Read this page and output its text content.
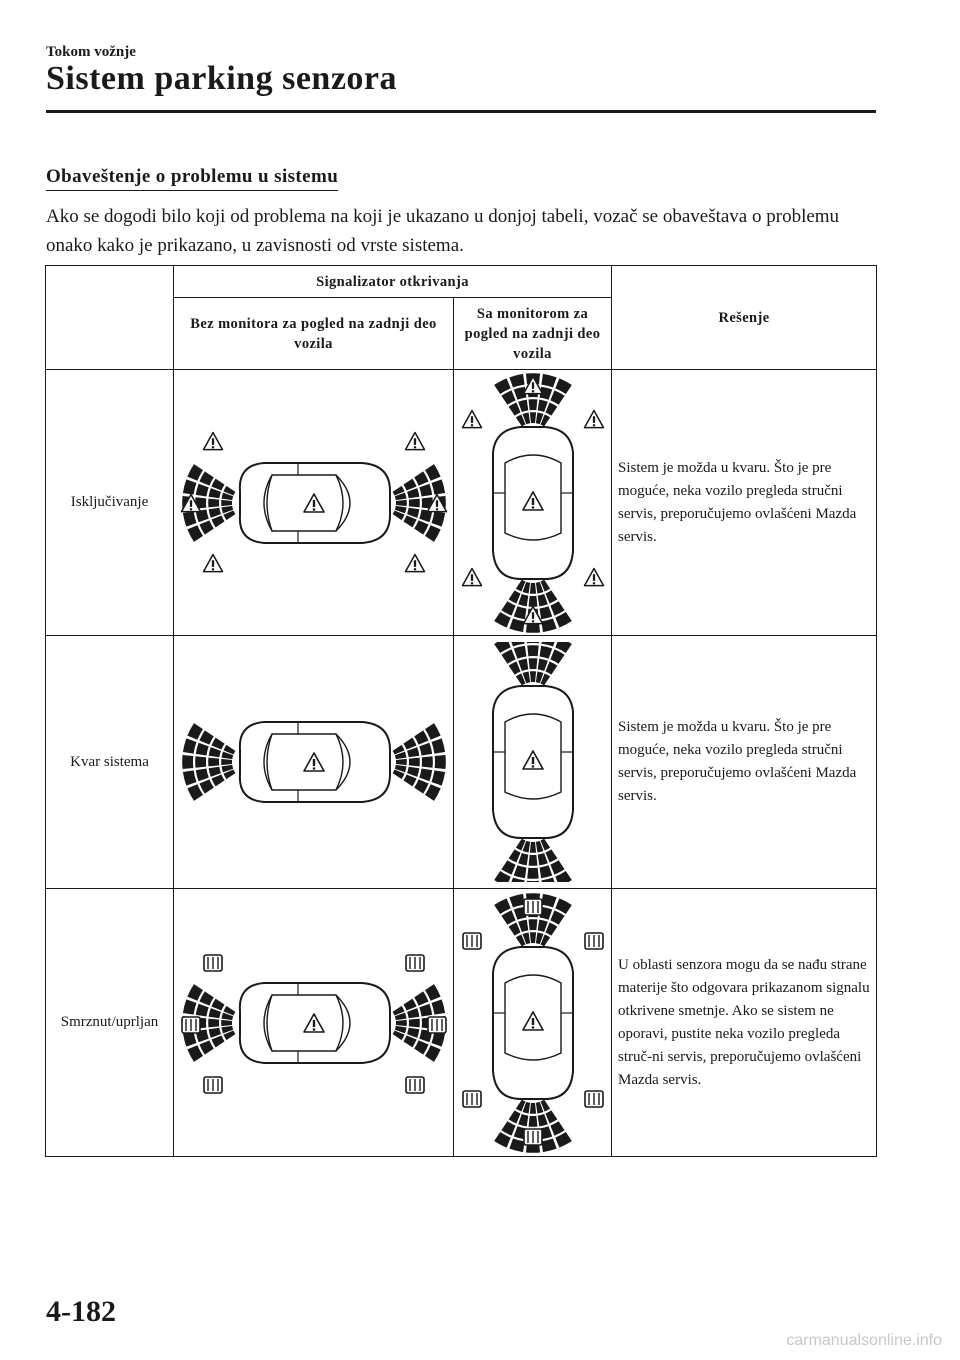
Tokom vožnje
Sistem parking senzora
Obaveštenje o problemu u sistemu
Ako se dogodi bilo koji od problema na koji je ukazano u donjoj tabeli, vozač se obaveštava o problemu onako kako je prikazano, u zavisnosti od vrste sistema.
	Signalizator otkrivanja		Rešenje
	Bez monitora za pogled na zadnji deo vozila	Sa monitorom za pogled na zadnji deo vozila	
Isključivanje			Sistem je možda u kvaru. Što je pre moguće, neka vozilo pregleda stručni servis, preporučujemo ovlašćeni Mazda servis.
Kvar sistema			Sistem je možda u kvaru. Što je pre moguće, neka vozilo pregleda stručni servis, preporučujemo ovlašćeni Mazda servis.
Smrznut/uprljan			U oblasti senzora mogu da se nađu strane materije što odgovara prikazanom signalu otkrivene smetnje. Ako se sistem ne oporavi, pustite neka vozilo pregleda struč-ni servis, preporučujemo ovlašćeni Mazda servis.
4-182
carmanualsonline.info
